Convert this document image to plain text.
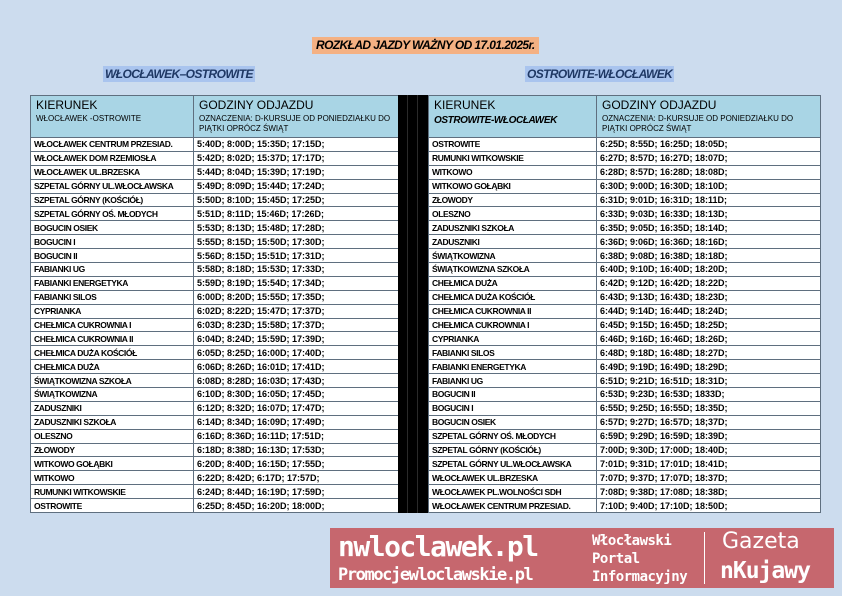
ROZKŁAD JAZDY WAŻNY OD 17.01.2025r.
WŁOCŁAWEK–OSTROWITE	OSTROWITE-WŁOCŁAWEK
KIERUNEK
WŁOCŁAWEK -OSTROWITE	GODZINY ODJAZDU
OZNACZENIA: D-KURSUJE OD PONIEDZIAŁKU DO PIĄTKI OPRÓCZ ŚWIĄT

WŁOCŁAWEK CENTRUM PRZESIAD.	5:40D; 8:00D; 15:35D; 17:15D;
WŁOCŁAWEK DOM RZEMIOSŁA	5:42D; 8:02D; 15:37D; 17:17D;
WŁOCŁAWEK UL.BRZESKA	5:44D; 8:04D; 15:39D; 17:19D;
SZPETAL GÓRNY UL.WŁOCŁAWSKA	5:49D; 8:09D; 15:44D; 17:24D;
SZPETAL GÓRNY (KOŚCIÓŁ)	5:50D; 8:10D; 15:45D; 17:25D;
SZPETAL GÓRNY OŚ. MŁODYCH	5:51D; 8:11D; 15:46D; 17:26D;
BOGUCIN OSIEK	5:53D; 8:13D; 15:48D; 17:28D;
BOGUCIN I	5:55D; 8:15D; 15:50D; 17:30D;
BOGUCIN II	5:56D; 8:15D; 15:51D; 17:31D;
FABIANKI UG	5:58D; 8:18D; 15:53D; 17:33D;
FABIANKI ENERGETYKA	5:59D; 8:19D; 15:54D; 17:34D;
FABIANKI SILOS	6:00D; 8:20D; 15:55D; 17:35D;
CYPRIANKA	6:02D; 8:22D; 15:47D; 17:37D;
CHEŁMICA CUKROWNIA I	6:03D; 8:23D; 15:58D; 17:37D;
CHEŁMICA CUKROWNIA II	6:04D; 8:24D; 15:59D; 17:39D;
CHEŁMICA DUŻA KOŚCIÓŁ	6:05D; 8:25D; 16:00D; 17:40D;
CHEŁMICA DUŻA	6:06D; 8:26D; 16:01D; 17:41D;
ŚWIĄTKOWIZNA SZKOŁA	6:08D; 8:28D; 16:03D; 17:43D;
ŚWIĄTKOWIZNA	6:10D; 8:30D; 16:05D; 17:45D;
ZADUSZNIKI	6:12D; 8:32D; 16:07D; 17:47D;
ZADUSZNIKI SZKOŁA	6:14D; 8:34D; 16:09D; 17:49D;
OLESZNO	6:16D; 8:36D; 16:11D; 17:51D;
ZŁOWODY	6:18D; 8:38D; 16:13D; 17:53D;
WITKOWO GOŁĄBKI	6:20D; 8:40D; 16:15D; 17:55D;
WITKOWO	6:22D; 8:42D; 6:17D; 17:57D;
RUMUNKI WITKOWSKIE	6:24D; 8:44D; 16:19D; 17:59D;
OSTROWITE	6:25D; 8:45D; 16:20D; 18:00D;
KIERUNEK
OSTROWITE-WŁOCŁAWEK	GODZINY ODJAZDU
OZNACZENIA: D-KURSUJE OD PONIEDZIAŁKU DO PIĄTKI OPRÓCZ ŚWIĄT

OSTROWITE	6:25D; 8:55D; 16:25D; 18:05D;
RUMUNKI WITKOWSKIE	6:27D; 8:57D; 16:27D; 18:07D;
WITKOWO	6:28D; 8:57D; 16:28D; 18:08D;
WITKOWO GOŁĄBKI	6:30D; 9:00D; 16:30D; 18:10D;
ZŁOWODY	6:31D; 9:01D; 16:31D; 18:11D;
OLESZNO	6:33D; 9:03D; 16:33D; 18:13D;
ZADUSZNIKI SZKOŁA	6:35D; 9:05D; 16:35D; 18:14D;
ZADUSZNIKI	6:36D; 9:06D; 16:36D; 18:16D;
ŚWIĄTKOWIZNA	6:38D; 9:08D; 16:38D; 18:18D;
ŚWIĄTKOWIZNA SZKOŁA	6:40D; 9:10D; 16:40D; 18:20D;
CHEŁMICA DUŻA	6:42D; 9:12D; 16:42D; 18:22D;
CHEŁMICA DUŻA KOŚCIÓŁ	6:43D; 9:13D; 16:43D; 18:23D;
CHEŁMICA CUKROWNIA II	6:44D; 9:14D; 16:44D; 18:24D;
CHEŁMICA CUKROWNIA I	6:45D; 9:15D; 16:45D; 18:25D;
CYPRIANKA	6:46D; 9:16D; 16:46D; 18:26D;
FABIANKI SILOS	6:48D; 9:18D; 16:48D; 18:27D;
FABIANKI ENERGETYKA	6:49D; 9:19D; 16:49D; 18:29D;
FABIANKI UG	6:51D; 9:21D; 16:51D; 18:31D;
BOGUCIN II	6:53D; 9:23D; 16:53D; 1833D;
BOGUCIN I	6:55D; 9:25D; 16:55D; 18:35D;
BOGUCIN OSIEK	6:57D; 9:27D; 16:57D; 18;37D;
SZPETAL GÓRNY OŚ. MŁODYCH	6:59D; 9:29D; 16:59D; 18:39D;
SZPETAL GÓRNY (KOŚCIÓŁ)	7:00D; 9:30D; 17:00D; 18:40D;
SZPETAL GÓRNY UL.WŁOCŁAWSKA	7:01D; 9:31D; 17:01D; 18:41D;
WŁOCŁAWEK UL.BRZESKA	7:07D; 9:37D; 17:07D; 18:37D;
WŁOCŁAWEK PL.WOLNOŚCI SDH	7:08D; 9:38D; 17:08D; 18:38D;
WŁOCŁAWEK CENTRUM PRZESIAD.	7:10D; 9:40D; 17:10D; 18:50D;
nwloclawek.pl
Promocjewloclawskie.pl
Włocławski
Portal
Informacyjny
Gazeta
nKujawy
